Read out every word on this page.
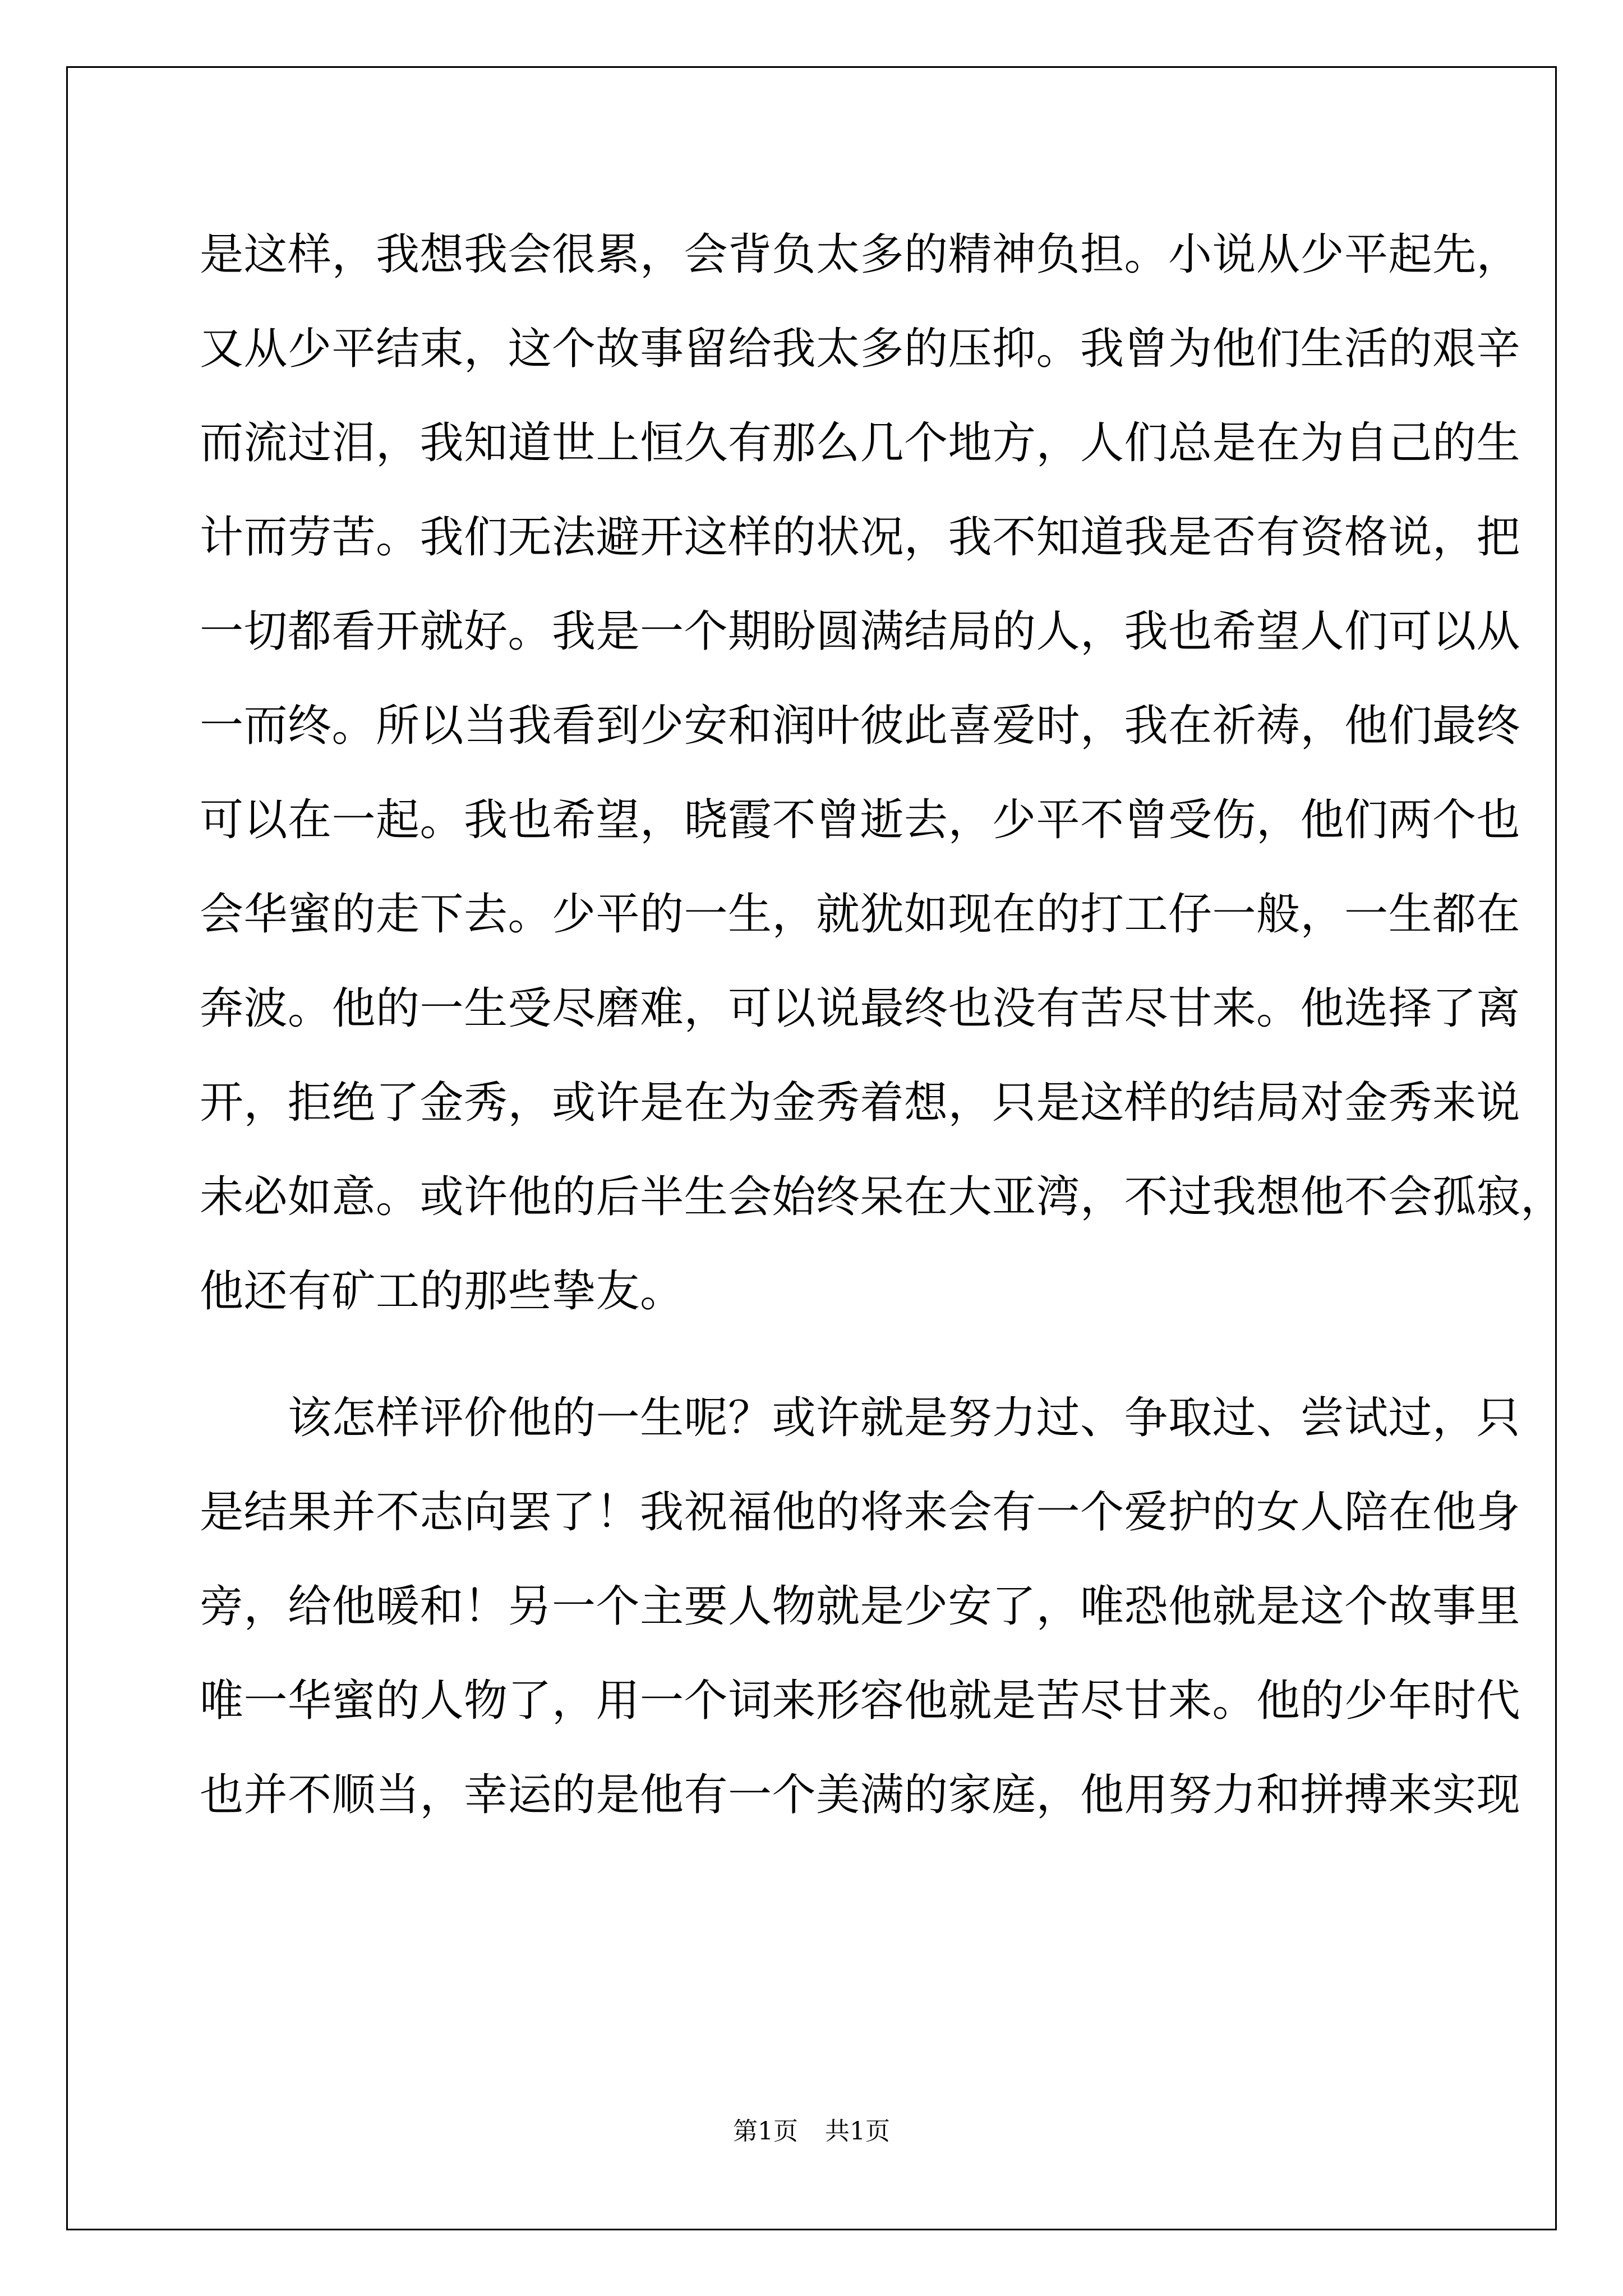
是这样，我想我会很累，会背负太多的精神负担。小说从少平起先，
又从少平结束，这个故事留给我太多的压抑。我曾为他们生活的艰辛
而流过泪，我知道世上恒久有那么几个地方，人们总是在为自己的生
计而劳苦。我们无法避开这样的状况，我不知道我是否有资格说，把
一切都看开就好。我是一个期盼圆满结局的人，我也希望人们可以从
一而终。所以当我看到少安和润叶彼此喜爱时，我在祈祷，他们最终
可以在一起。我也希望，晓霞不曾逝去，少平不曾受伤，他们两个也
会华蜜的走下去。少平的一生，就犹如现在的打工仔一般，一生都在
奔波。他的一生受尽磨难，可以说最终也没有苦尽甘来。他选择了离
开，拒绝了金秀，或许是在为金秀着想，只是这样的结局对金秀来说
未必如意。或许他的后半生会始终呆在大亚湾，不过我想他不会孤寂，
他还有矿工的那些挚友。
　　该怎样评价他的一生呢？或许就是努力过、争取过、尝试过，只
是结果并不志向罢了！我祝福他的将来会有一个爱护的女人陪在他身
旁，给他暖和！另一个主要人物就是少安了，唯恐他就是这个故事里
唯一华蜜的人物了，用一个词来形容他就是苦尽甘来。他的少年时代
也并不顺当，幸运的是他有一个美满的家庭，他用努力和拼搏来实现
第1页 共1页
